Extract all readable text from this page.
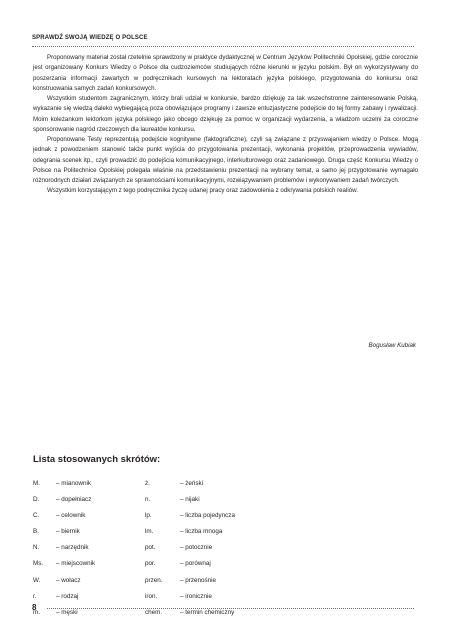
SPRAWDŹ SWOJĄ WIEDZĘ O POLSCE

Proponowany materiał został rzetelnie sprawdzony w praktyce dydaktycznej w Centrum Języków Politechniki Opolskiej, gdzie corocznie jest organizowany Konkurs Wiedzy o Polsce dla cudzoziemców studiujących różne kierunki w języku polskim. Był on wykorzystywany do poszerzania informacji zawartych w podręcznikach kursowych na lektoratach języka polskiego, przygotowania do konkursu oraz konstruowania samych zadań konkursowych.

Wszystkim studentom zagranicznym, którzy brali udział w konkursie, bardzo dziękuję za tak wszechstronne zainteresowanie Polską, wykazanie się wiedzą daleko wybiegającą poza obowiązujące programy i zawsze entuzjastyczne podejście do tej formy zabawy i rywalizacji. Moim koleżankom lektorkom języka polskiego jako obcego dziękuję za pomoc w organizacji wydarzenia, a władzom uczelni za coroczne sponsorowanie nagród rzeczowych dla laureatów konkursu.

Proponowane Testy reprezentują podejście kognitywne (faktograficzne), czyli są związane z przyswajaniem wiedzy o Polsce. Mogą jednak z powodzeniem stanowić także punkt wyjścia do przygotowania prezentacji, wykonania projektów, przeprowadzenia wywiadów, odegrania scenek itp., czyli prowadzić do podejścia komunikacyjnego, interkulturowego oraz zadaniowego. Druga część Konkursu Wiedzy o Polsce na Politechnice Opolskiej polegała właśnie na przedstawieniu prezentacji na wybrany temat, a samo jej przygotowanie wymagało różnorodnych działań związanych ze sprawnościami komunikacyjnymi, rozwiązywaniem problemów i wykonywaniem zadań twórczych.

Wszystkim korzystającym z tego podręcznika życzę udanej pracy oraz zadowolenia z odkrywania polskich realiów.

Bogusław Kubiak
Lista stosowanych skrótów:
M.	– mianownik	ż.	– żeński
D.	– dopełniacz	n.	– nijaki
C.	– celownik	lp.	– liczba pojedyncza
B.	– biernik	lm.	– liczba mnoga
N.	– narzędnik	pot.	– potocznie
Ms. – miejscownik	por.	– porównaj
W. – wołacz	przen.	– przenośnie
r.	– rodzaj	iron.	– ironicznie
m.	– męski	chem.	– termin chemiczny
8
